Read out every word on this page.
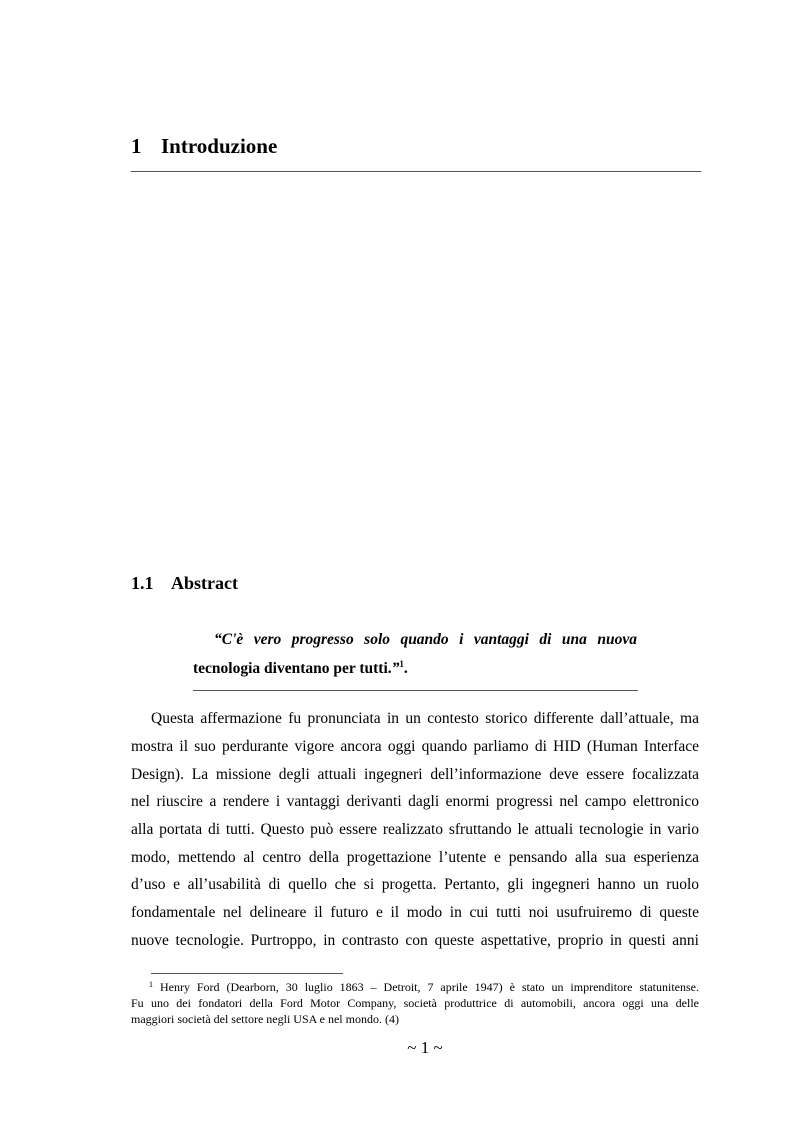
1 Introduzione
1.1 Abstract
“C'è vero progresso solo quando i vantaggi di una nuova
tecnologia diventano per tutti.”$^1$.
Questa affermazione fu pronunciata in un contesto storico differente dall’attuale, ma
mostra il suo perdurante vigore ancora oggi quando parliamo di HID (Human Interface
Design). La missione degli attuali ingegneri dell’informazione deve essere focalizzata
nel riuscire a rendere i vantaggi derivanti dagli enormi progressi nel campo elettronico
alla portata di tutti. Questo può essere realizzato sfruttando le attuali tecnologie in vario
modo, mettendo al centro della progettazione l’utente e pensando alla sua esperienza
d’uso e all’usabilità di quello che si progetta. Pertanto, gli ingegneri hanno un ruolo
fondamentale nel delineare il futuro e il modo in cui tutti noi usufruiremo di queste
nuove tecnologie. Purtroppo, in contrasto con queste aspettative, proprio in questi anni
$^1$ Henry Ford (Dearborn, 30 luglio 1863 – Detroit, 7 aprile 1947) è stato un imprenditore statunitense.
Fu uno dei fondatori della Ford Motor Company, società produttrice di automobili, ancora oggi una delle
maggiori società del settore negli USA e nel mondo. (4)
~ 1 ~
